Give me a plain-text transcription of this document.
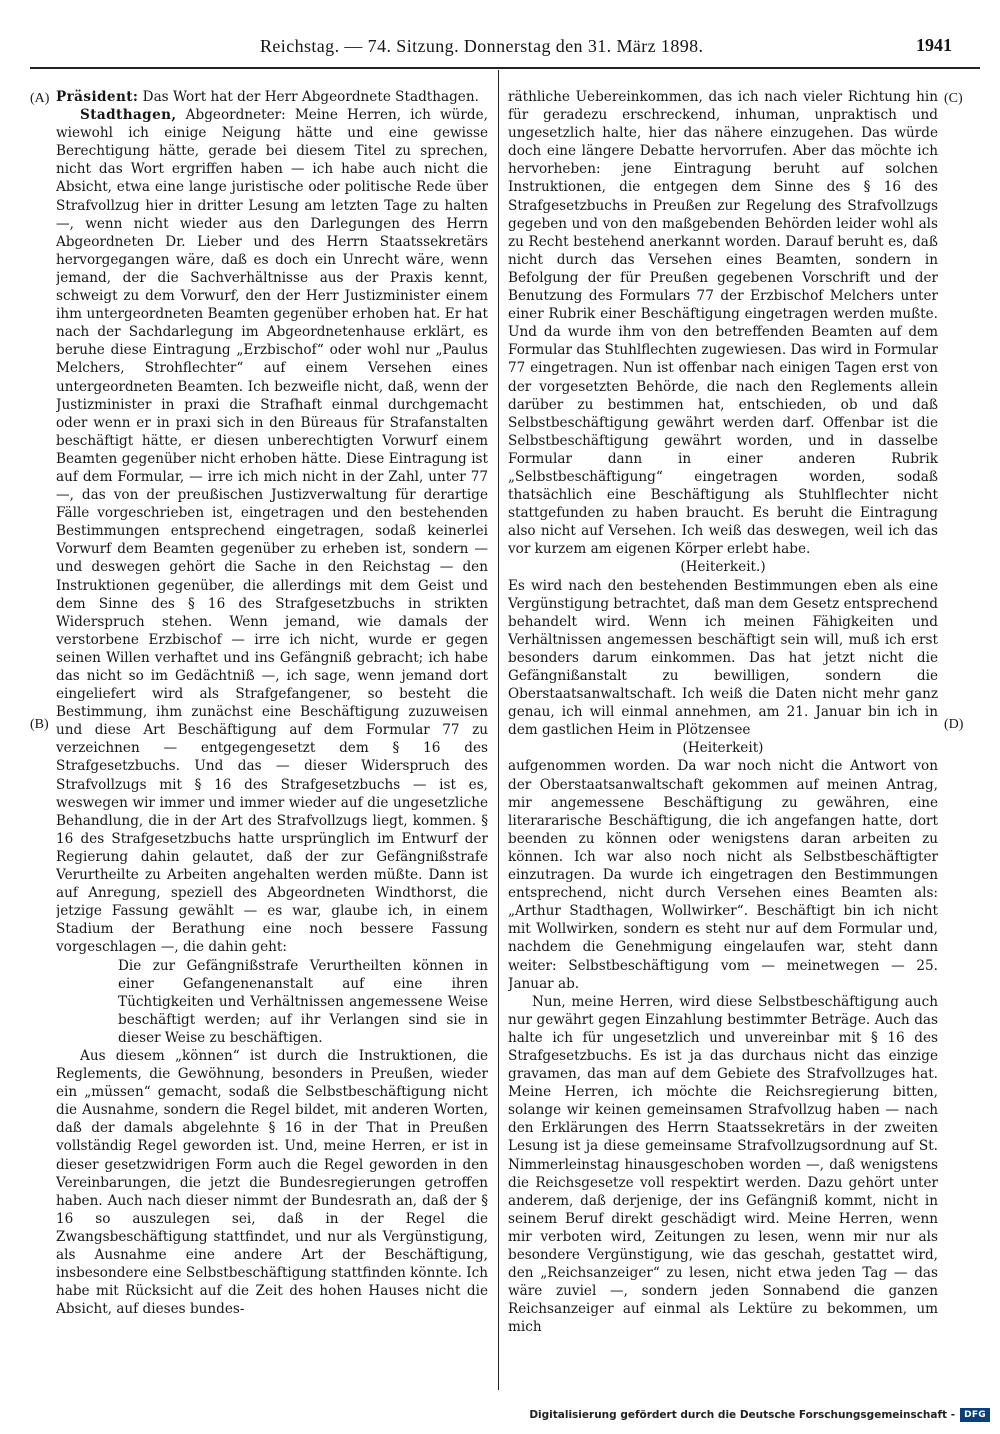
Reichstag. — 74. Sitzung. Donnerstag den 31. März 1898.	1941
(A)
(B)
(C)
(D)

Präsident: Das Wort hat der Herr Abgeordnete Stadthagen.

Stadthagen, Abgeordneter: Meine Herren, ich würde, wiewohl ich einige Neigung hätte und eine gewisse Berechtigung hätte, gerade bei diesem Titel zu sprechen, nicht das Wort ergriffen haben — ich habe auch nicht die Absicht, etwa eine lange juristische oder politische Rede über Strafvollzug hier in dritter Lesung am letzten Tage zu halten —, wenn nicht wieder aus den Darlegungen des Herrn Abgeordneten Dr. Lieber und des Herrn Staatssekretärs hervorgegangen wäre, daß es doch ein Unrecht wäre, wenn jemand, der die Sachverhältnisse aus der Praxis kennt, schweigt zu dem Vorwurf, den der Herr Justizminister einem ihm untergeordneten Beamten gegenüber erhoben hat. Er hat nach der Sachdarlegung im Abgeordnetenhause erklärt, es beruhe diese Eintragung „Erzbischof“ oder wohl nur „Paulus Melchers, Strohflechter“ auf einem Versehen eines untergeordneten Beamten. Ich bezweifle nicht, daß, wenn der Justizminister in praxi die Strafhaft einmal durchgemacht oder wenn er in praxi sich in den Büreaus für Strafanstalten beschäftigt hätte, er diesen unberechtigten Vorwurf einem Beamten gegenüber nicht erhoben hätte. Diese Eintragung ist auf dem Formular, — irre ich mich nicht in der Zahl, unter 77 —, das von der preußischen Justizverwaltung für derartige Fälle vorgeschrieben ist, eingetragen und den bestehenden Bestimmungen entsprechend eingetragen, sodaß keinerlei Vorwurf dem Beamten gegenüber zu erheben ist, sondern — und deswegen gehört die Sache in den Reichstag — den Instruktionen gegenüber, die allerdings mit dem Geist und dem Sinne des § 16 des Strafgesetzbuchs in strikten Widerspruch stehen. Wenn jemand, wie damals der verstorbene Erzbischof — irre ich nicht, wurde er gegen seinen Willen verhaftet und ins Gefängniß gebracht; ich habe das nicht so im Gedächtniß —, ich sage, wenn jemand dort eingeliefert wird als Strafgefangener, so besteht die Bestimmung, ihm zunächst eine Beschäftigung zuzuweisen und diese Art Beschäftigung auf dem Formular 77 zu verzeichnen — entgegengesetzt dem § 16 des Strafgesetzbuchs. Und das — dieser Widerspruch des Strafvollzugs mit § 16 des Strafgesetzbuchs — ist es, weswegen wir immer und immer wieder auf die ungesetzliche Behandlung, die in der Art des Strafvollzugs liegt, kommen. § 16 des Strafgesetzbuchs hatte ursprünglich im Entwurf der Regierung dahin gelautet, daß der zur Gefängnißstrafe Verurtheilte zu Arbeiten angehalten werden müßte. Dann ist auf Anregung, speziell des Abgeordneten Windthorst, die jetzige Fassung gewählt — es war, glaube ich, in einem Stadium der Berathung eine noch bessere Fassung vorgeschlagen —, die dahin geht:

Die zur Gefängnißstrafe Verurtheilten können in einer Gefangenenanstalt auf eine ihren Tüchtigkeiten und Verhältnissen angemessene Weise beschäftigt werden; auf ihr Verlangen sind sie in dieser Weise zu beschäftigen.

Aus diesem „können“ ist durch die Instruktionen, die Reglements, die Gewöhnung, besonders in Preußen, wieder ein „müssen“ gemacht, sodaß die Selbstbeschäftigung nicht die Ausnahme, sondern die Regel bildet, mit anderen Worten, daß der damals abgelehnte § 16 in der That in Preußen vollständig Regel geworden ist. Und, meine Herren, er ist in dieser gesetzwidrigen Form auch die Regel geworden in den Vereinbarungen, die jetzt die Bundesregierungen getroffen haben. Auch nach dieser nimmt der Bundesrath an, daß der § 16 so auszulegen sei, daß in der Regel die Zwangsbeschäftigung stattfindet, und nur als Vergünstigung, als Ausnahme eine andere Art der Beschäftigung, insbesondere eine Selbstbeschäftigung stattfinden könnte. Ich habe mit Rücksicht auf die Zeit des hohen Hauses nicht die Absicht, auf dieses bundes-

räthliche Uebereinkommen, das ich nach vieler Richtung hin für geradezu erschreckend, inhuman, unpraktisch und ungesetzlich halte, hier das nähere einzugehen. Das würde doch eine längere Debatte hervorrufen. Aber das möchte ich hervorheben: jene Eintragung beruht auf solchen Instruktionen, die entgegen dem Sinne des § 16 des Strafgesetzbuchs in Preußen zur Regelung des Strafvollzugs gegeben und von den maßgebenden Behörden leider wohl als zu Recht bestehend anerkannt worden. Darauf beruht es, daß nicht durch das Versehen eines Beamten, sondern in Befolgung der für Preußen gegebenen Vorschrift und der Benutzung des Formulars 77 der Erzbischof Melchers unter einer Rubrik einer Beschäftigung eingetragen werden mußte. Und da wurde ihm von den betreffenden Beamten auf dem Formular das Stuhlflechten zugewiesen. Das wird in Formular 77 eingetragen. Nun ist offenbar nach einigen Tagen erst von der vorgesetzten Behörde, die nach den Reglements allein darüber zu bestimmen hat, entschieden, ob und daß Selbstbeschäftigung gewährt werden darf. Offenbar ist die Selbstbeschäftigung gewährt worden, und in dasselbe Formular dann in einer anderen Rubrik „Selbstbeschäftigung“ eingetragen worden, sodaß thatsächlich eine Beschäftigung als Stuhlflechter nicht stattgefunden zu haben braucht. Es beruht die Eintragung also nicht auf Versehen. Ich weiß das deswegen, weil ich das vor kurzem am eigenen Körper erlebt habe.

(Heiterkeit.)

Es wird nach den bestehenden Bestimmungen eben als eine Vergünstigung betrachtet, daß man dem Gesetz entsprechend behandelt wird. Wenn ich meinen Fähigkeiten und Verhältnissen angemessen beschäftigt sein will, muß ich erst besonders darum einkommen. Das hat jetzt nicht die Gefängnißanstalt zu bewilligen, sondern die Oberstaatsanwaltschaft. Ich weiß die Daten nicht mehr ganz genau, ich will einmal annehmen, am 21. Januar bin ich in dem gastlichen Heim in Plötzensee

(Heiterkeit)

aufgenommen worden. Da war noch nicht die Antwort von der Oberstaatsanwaltschaft gekommen auf meinen Antrag, mir angemessene Beschäftigung zu gewähren, eine literararische Beschäftigung, die ich angefangen hatte, dort beenden zu können oder wenigstens daran arbeiten zu können. Ich war also noch nicht als Selbstbeschäftigter einzutragen. Da wurde ich eingetragen den Bestimmungen entsprechend, nicht durch Versehen eines Beamten als: „Arthur Stadthagen, Wollwirker“. Beschäftigt bin ich nicht mit Wollwirken, sondern es steht nur auf dem Formular und, nachdem die Genehmigung eingelaufen war, steht dann weiter: Selbstbeschäftigung vom — meinetwegen — 25. Januar ab.

Nun, meine Herren, wird diese Selbstbeschäftigung auch nur gewährt gegen Einzahlung bestimmter Beträge. Auch das halte ich für ungesetzlich und unvereinbar mit § 16 des Strafgesetzbuchs. Es ist ja das durchaus nicht das einzige gravamen, das man auf dem Gebiete des Strafvollzuges hat. Meine Herren, ich möchte die Reichsregierung bitten, solange wir keinen gemeinsamen Strafvollzug haben — nach den Erklärungen des Herrn Staatssekretärs in der zweiten Lesung ist ja diese gemeinsame Strafvollzugsordnung auf St. Nimmerleinstag hinausgeschoben worden —, daß wenigstens die Reichsgesetze voll respektirt werden. Dazu gehört unter anderem, daß derjenige, der ins Gefängniß kommt, nicht in seinem Beruf direkt geschädigt wird. Meine Herren, wenn mir verboten wird, Zeitungen zu lesen, wenn mir nur als besondere Vergünstigung, wie das geschah, gestattet wird, den „Reichsanzeiger“ zu lesen, nicht etwa jeden Tag — das wäre zuviel —, sondern jeden Sonnabend die ganzen Reichsanzeiger auf einmal als Lektüre zu bekommen, um mich

Digitalisierung gefördert durch die Deutsche Forschungsgemeinschaft -	DFG
